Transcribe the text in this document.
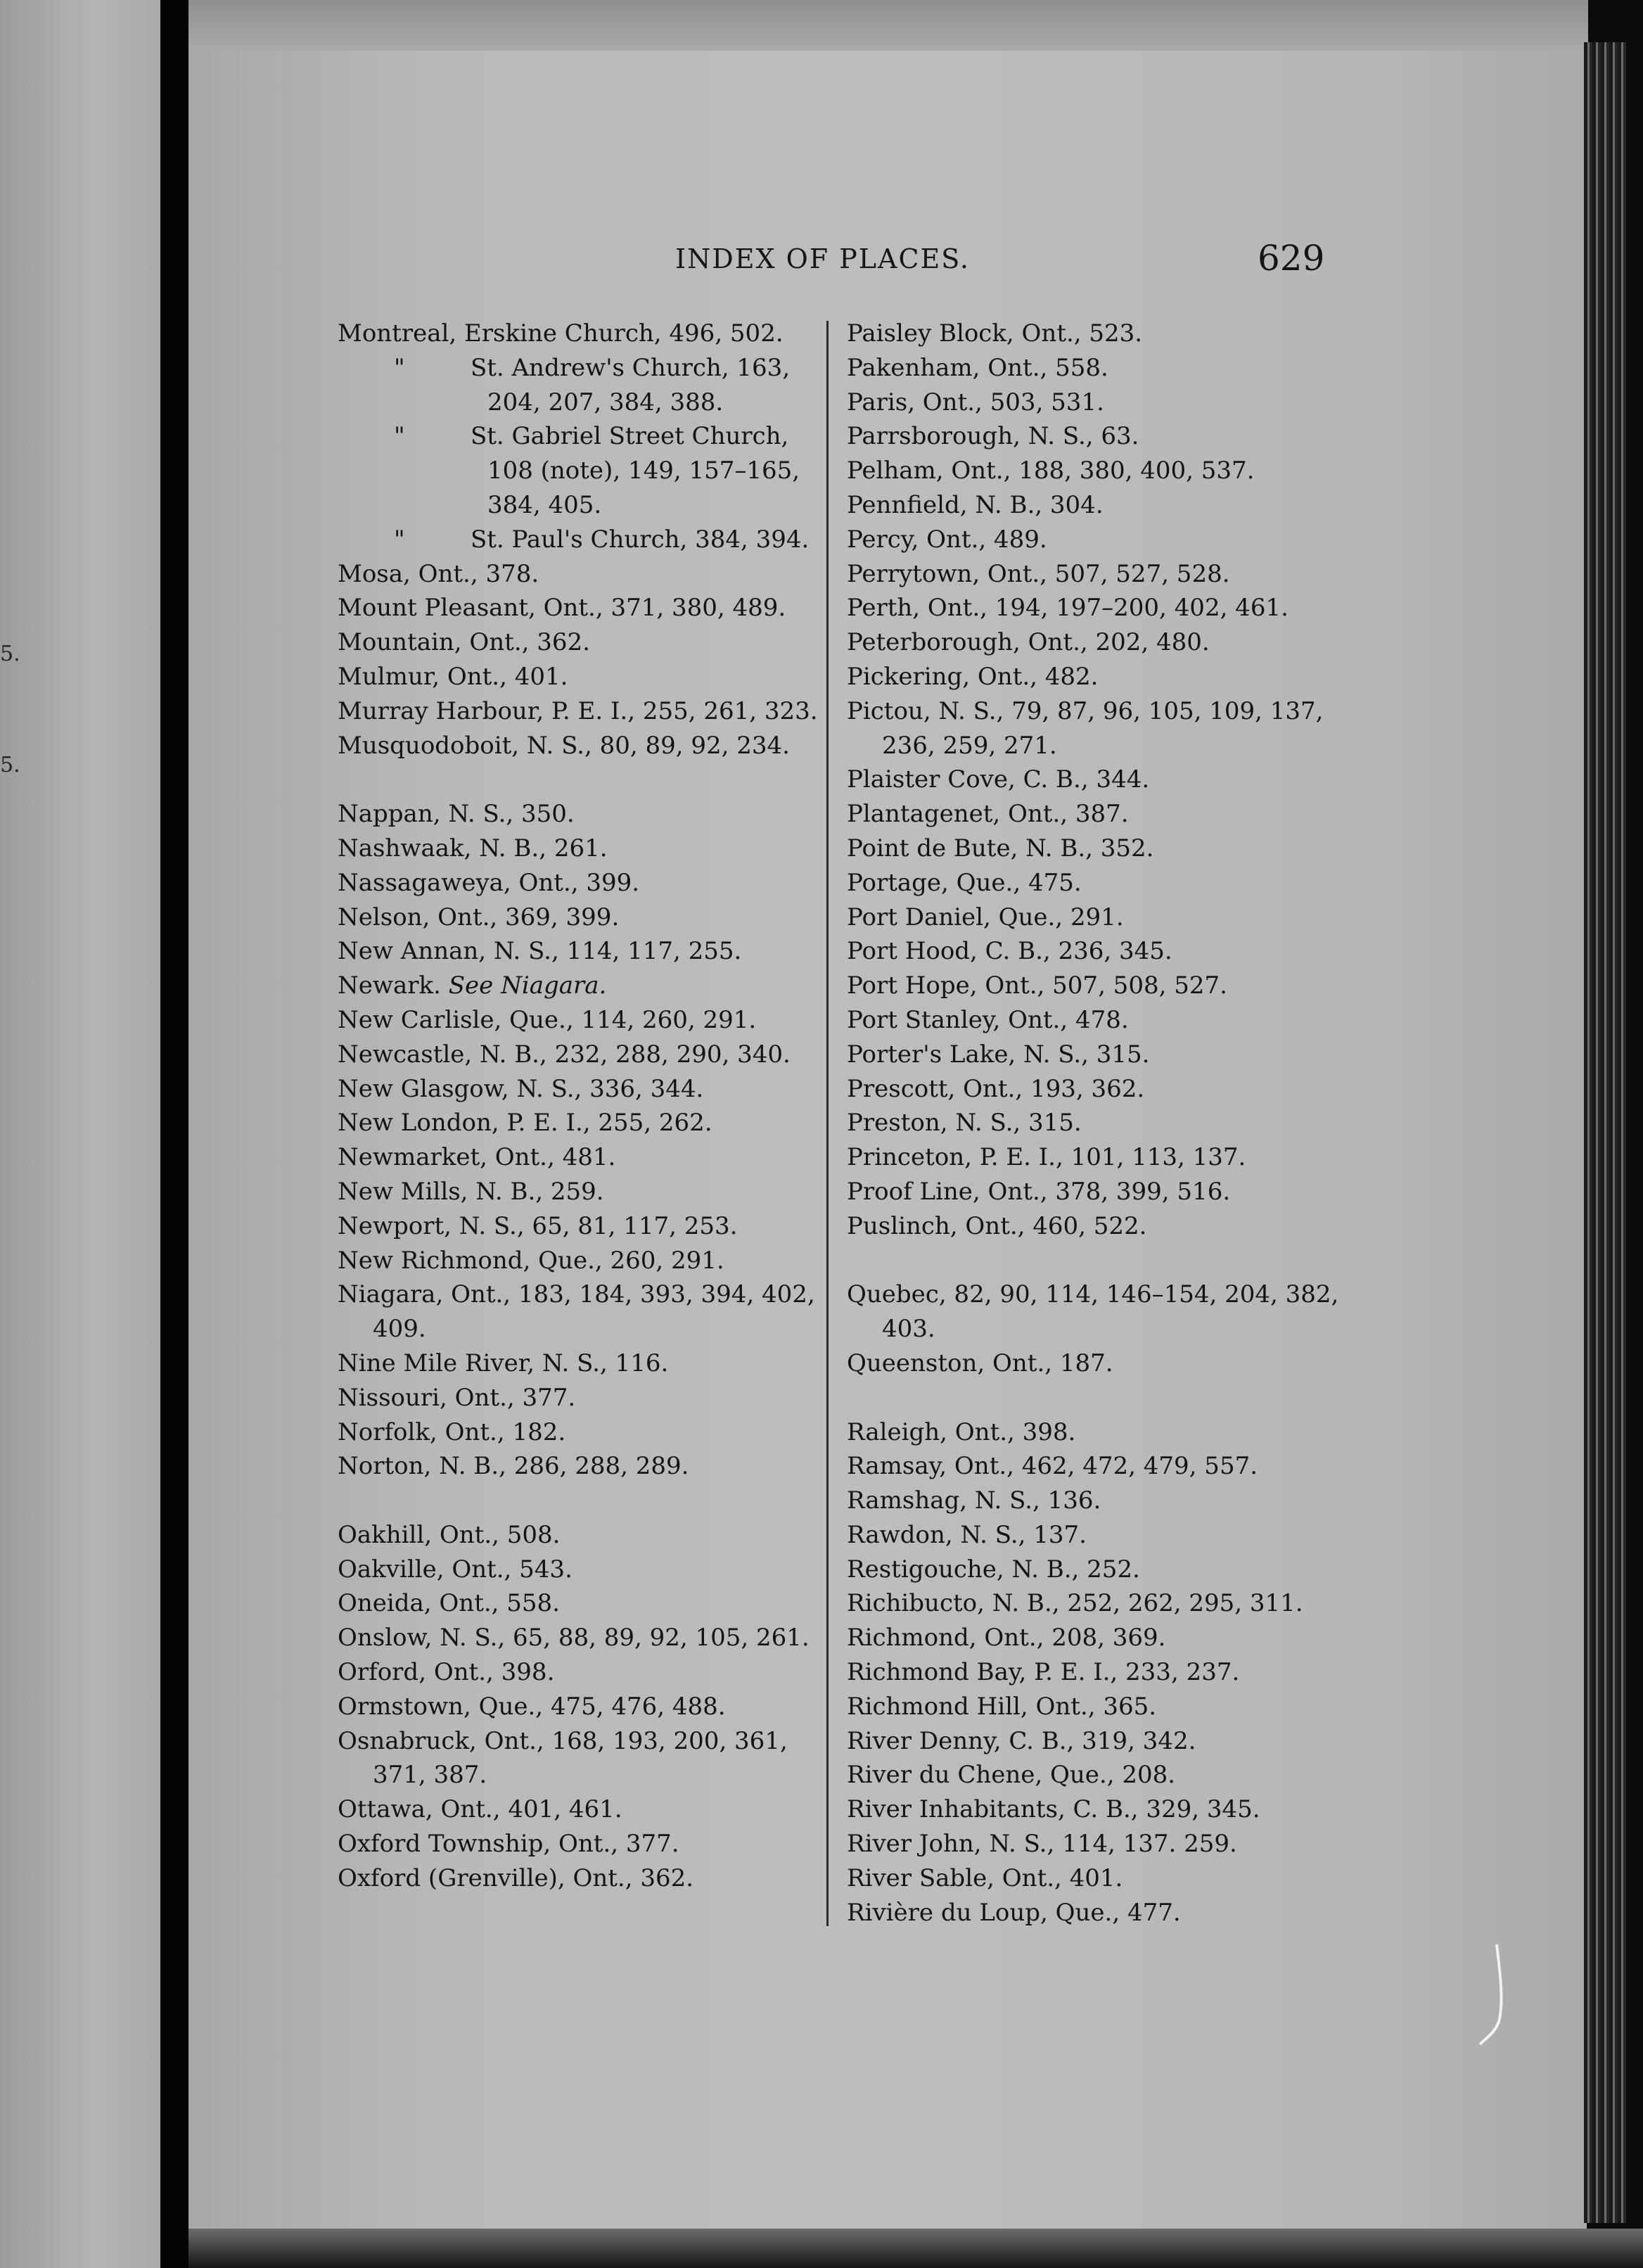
5.
5.
INDEX OF PLACES.	629
Montreal, Erskine Church, 496, 502.
"	St. Andrew's Church, 163, 204, 207, 384, 388.
"	St. Gabriel Street Church, 108 (note), 149, 157–165, 384, 405.
"	St. Paul's Church, 384, 394.
Mosa, Ont., 378.
Mount Pleasant, Ont., 371, 380, 489.
Mountain, Ont., 362.
Mulmur, Ont., 401.
Murray Harbour, P. E. I., 255, 261, 323.
Musquodoboit, N. S., 80, 89, 92, 234.
Nappan, N. S., 350.
Nashwaak, N. B., 261.
Nassagaweya, Ont., 399.
Nelson, Ont., 369, 399.
New Annan, N. S., 114, 117, 255.
Newark. See Niagara.
New Carlisle, Que., 114, 260, 291.
Newcastle, N. B., 232, 288, 290, 340.
New Glasgow, N. S., 336, 344.
New London, P. E. I., 255, 262.
Newmarket, Ont., 481.
New Mills, N. B., 259.
Newport, N. S., 65, 81, 117, 253.
New Richmond, Que., 260, 291.
Niagara, Ont., 183, 184, 393, 394, 402, 409.
Nine Mile River, N. S., 116.
Nissouri, Ont., 377.
Norfolk, Ont., 182.
Norton, N. B., 286, 288, 289.
Oakhill, Ont., 508.
Oakville, Ont., 543.
Oneida, Ont., 558.
Onslow, N. S., 65, 88, 89, 92, 105, 261.
Orford, Ont., 398.
Ormstown, Que., 475, 476, 488.
Osnabruck, Ont., 168, 193, 200, 361, 371, 387.
Ottawa, Ont., 401, 461.
Oxford Township, Ont., 377.
Oxford (Grenville), Ont., 362.
Paisley Block, Ont., 523.
Pakenham, Ont., 558.
Paris, Ont., 503, 531.
Parrsborough, N. S., 63.
Pelham, Ont., 188, 380, 400, 537.
Pennfield, N. B., 304.
Percy, Ont., 489.
Perrytown, Ont., 507, 527, 528.
Perth, Ont., 194, 197–200, 402, 461.
Peterborough, Ont., 202, 480.
Pickering, Ont., 482.
Pictou, N. S., 79, 87, 96, 105, 109, 137, 236, 259, 271.
Plaister Cove, C. B., 344.
Plantagenet, Ont., 387.
Point de Bute, N. B., 352.
Portage, Que., 475.
Port Daniel, Que., 291.
Port Hood, C. B., 236, 345.
Port Hope, Ont., 507, 508, 527.
Port Stanley, Ont., 478.
Porter's Lake, N. S., 315.
Prescott, Ont., 193, 362.
Preston, N. S., 315.
Princeton, P. E. I., 101, 113, 137.
Proof Line, Ont., 378, 399, 516.
Puslinch, Ont., 460, 522.
Quebec, 82, 90, 114, 146–154, 204, 382, 403.
Queenston, Ont., 187.
Raleigh, Ont., 398.
Ramsay, Ont., 462, 472, 479, 557.
Ramshag, N. S., 136.
Rawdon, N. S., 137.
Restigouche, N. B., 252.
Richibucto, N. B., 252, 262, 295, 311.
Richmond, Ont., 208, 369.
Richmond Bay, P. E. I., 233, 237.
Richmond Hill, Ont., 365.
River Denny, C. B., 319, 342.
River du Chene, Que., 208.
River Inhabitants, C. B., 329, 345.
River John, N. S., 114, 137. 259.
River Sable, Ont., 401.
Rivière du Loup, Que., 477.
